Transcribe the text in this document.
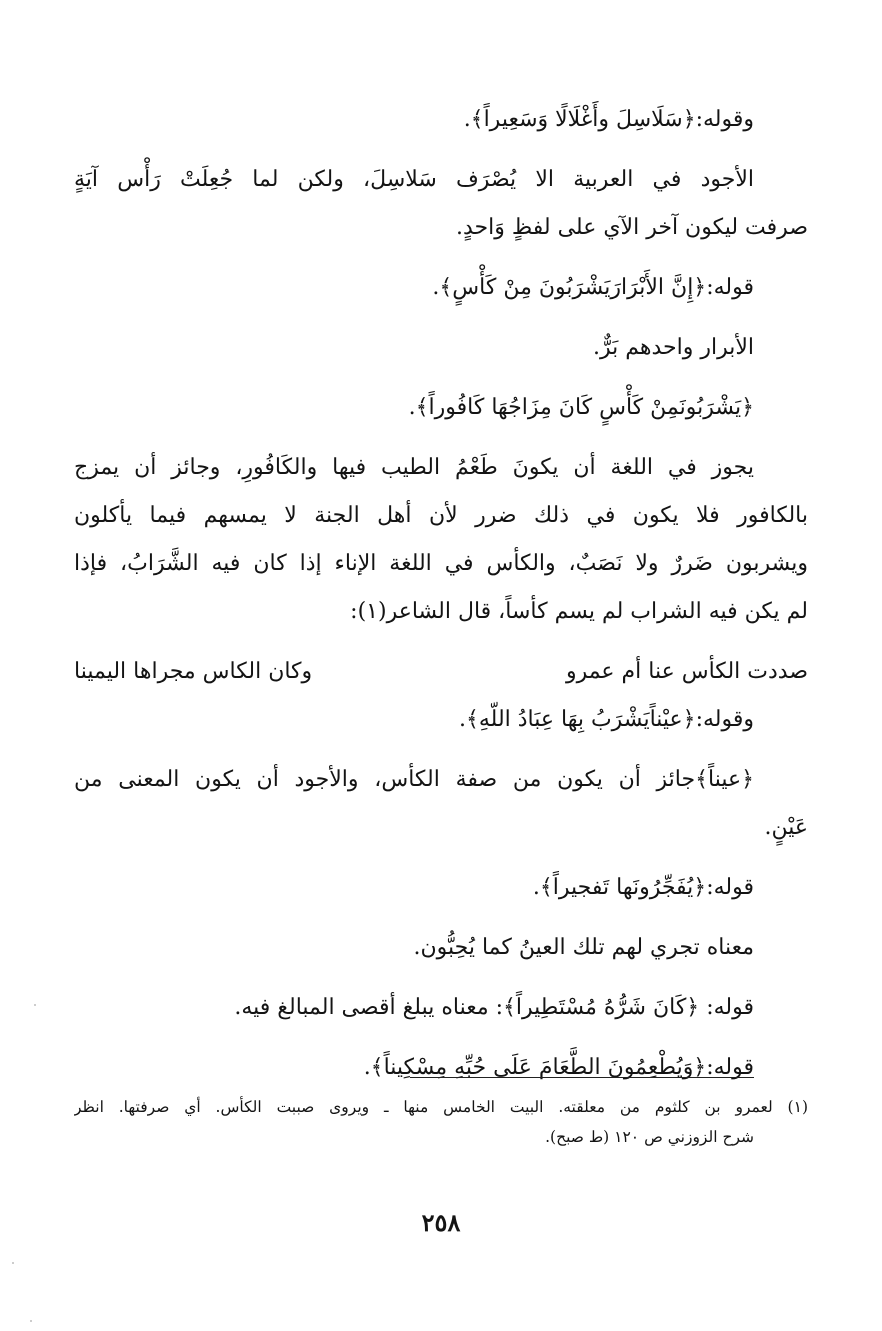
وقوله:﴿سَلَاسِلَ وأَغْلَالًا وَسَعِيراً﴾.
الأجود في العربية الا يُصْرَف سَلاسِلَ، ولكن لما جُعِلَتْ رَأْس آيَةٍ
صرفت ليكون آخر الآي على لفظٍ وَاحدٍ.
قوله:﴿إِنَّ الأَبْرَارَيَشْرَبُونَ مِنْ كَأْسٍ﴾.
الأبرار واحدهم بَرٌّ.
﴿يَشْرَبُونَمِنْ كَأْسٍ كَانَ مِزَاجُهَا كَافُوراً﴾.
يجوز في اللغة أن يكونَ طَعْمُ الطيب فيها والكَافُورِ، وجائز أن يمزج
بالكافور فلا يكون في ذلك ضرر لأن أهل الجنة لا يمسهم فيما يأكلون
ويشربون ضَررٌ ولا نَصَبٌ، والكأس في اللغة الإناء إذا كان فيه الشَّرَابُ، فإذا
لم يكن فيه الشراب لم يسم كأساً، قال الشاعر(١):
صددت الكأس عنا أم عمرو
وكان الكاس مجراها اليمينا
وقوله:﴿عيْناًيَشْرَبُ بِهَا عِبَادُ اللّهِ﴾.
﴿عيناً﴾جائز أن يكون من صفة الكأس، والأجود أن يكون المعنى من
عَيْنٍ.
قوله:﴿يُفَجِّرُونَها تَفجيراً﴾.
معناه تجري لهم تلك العينُ كما يُحِبُّون.
قوله: ﴿كَانَ شَرُّهُ مُسْتَطِيراً﴾: معناه يبلغ أقصى المبالغ فيه.
قوله:﴿وَيُطْعِمُونَ الطَّعَامَ عَلَى حُبِّهِ مِسْكِيناً﴾.
(١) لعمرو بن كلثوم من معلقته. البيت الخامس منها ـ ويروى صببت الكأس. أي صرفتها. انظر
شرح الزوزني ص ١٢٠ (ط صبح).
٢٥٨
